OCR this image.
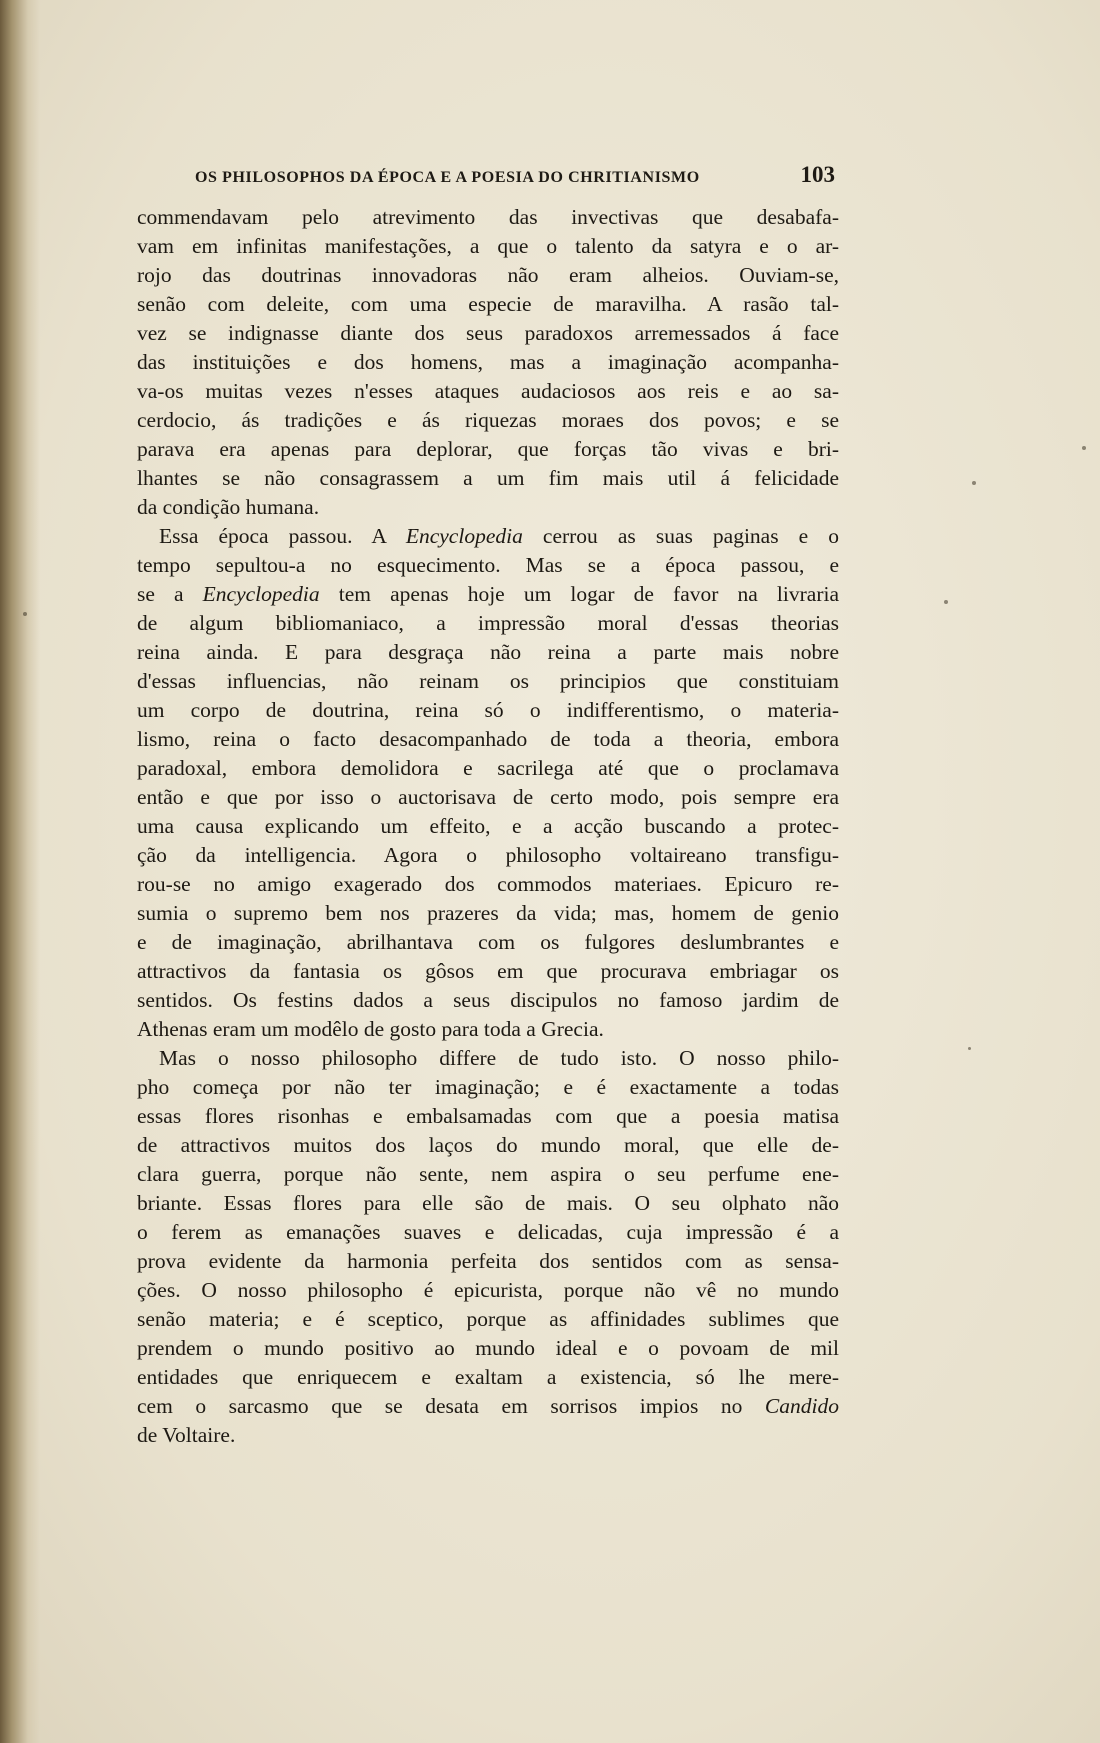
OS PHILOSOPHOS DA ÉPOCA E A POESIA DO CHRITIANISMO	103
commendavam pelo atrevimento das invectivas que desabafa-
vam em infinitas manifestações, a que o talento da satyra e o ar-
rojo das doutrinas innovadoras não eram alheios. Ouviam-se,
senão com deleite, com uma especie de maravilha. A rasão tal-
vez se indignasse diante dos seus paradoxos arremessados á face
das instituições e dos homens, mas a imaginação acompanha-
va-os muitas vezes n'esses ataques audaciosos aos reis e ao sa-
cerdocio, ás tradições e ás riquezas moraes dos povos; e se
parava era apenas para deplorar, que forças tão vivas e bri-
lhantes se não consagrassem a um fim mais util á felicidade
da condição humana.
Essa época passou. A Encyclopedia cerrou as suas paginas e o
tempo sepultou-a no esquecimento. Mas se a época passou, e
se a Encyclopedia tem apenas hoje um logar de favor na livraria
de algum bibliomaniaco, a impressão moral d'essas theorias
reina ainda. E para desgraça não reina a parte mais nobre
d'essas influencias, não reinam os principios que constituiam
um corpo de doutrina, reina só o indifferentismo, o materia-
lismo, reina o facto desacompanhado de toda a theoria, embora
paradoxal, embora demolidora e sacrilega até que o proclamava
então e que por isso o auctorisava de certo modo, pois sempre era
uma causa explicando um effeito, e a acção buscando a protec-
ção da intelligencia. Agora o philosopho voltaireano transfigu-
rou-se no amigo exagerado dos commodos materiaes. Epicuro re-
sumia o supremo bem nos prazeres da vida; mas, homem de genio
e de imaginação, abrilhantava com os fulgores deslumbrantes e
attractivos da fantasia os gôsos em que procurava embriagar os
sentidos. Os festins dados a seus discipulos no famoso jardim de
Athenas eram um modêlo de gosto para toda a Grecia.
Mas o nosso philosopho differe de tudo isto. O nosso philo-
pho começa por não ter imaginação; e é exactamente a todas
essas flores risonhas e embalsamadas com que a poesia matisa
de attractivos muitos dos laços do mundo moral, que elle de-
clara guerra, porque não sente, nem aspira o seu perfume ene-
briante. Essas flores para elle são de mais. O seu olphato não
o ferem as emanações suaves e delicadas, cuja impressão é a
prova evidente da harmonia perfeita dos sentidos com as sensa-
ções. O nosso philosopho é epicurista, porque não vê no mundo
senão materia; e é sceptico, porque as affinidades sublimes que
prendem o mundo positivo ao mundo ideal e o povoam de mil
entidades que enriquecem e exaltam a existencia, só lhe mere-
cem o sarcasmo que se desata em sorrisos impios no Candido
de Voltaire.
